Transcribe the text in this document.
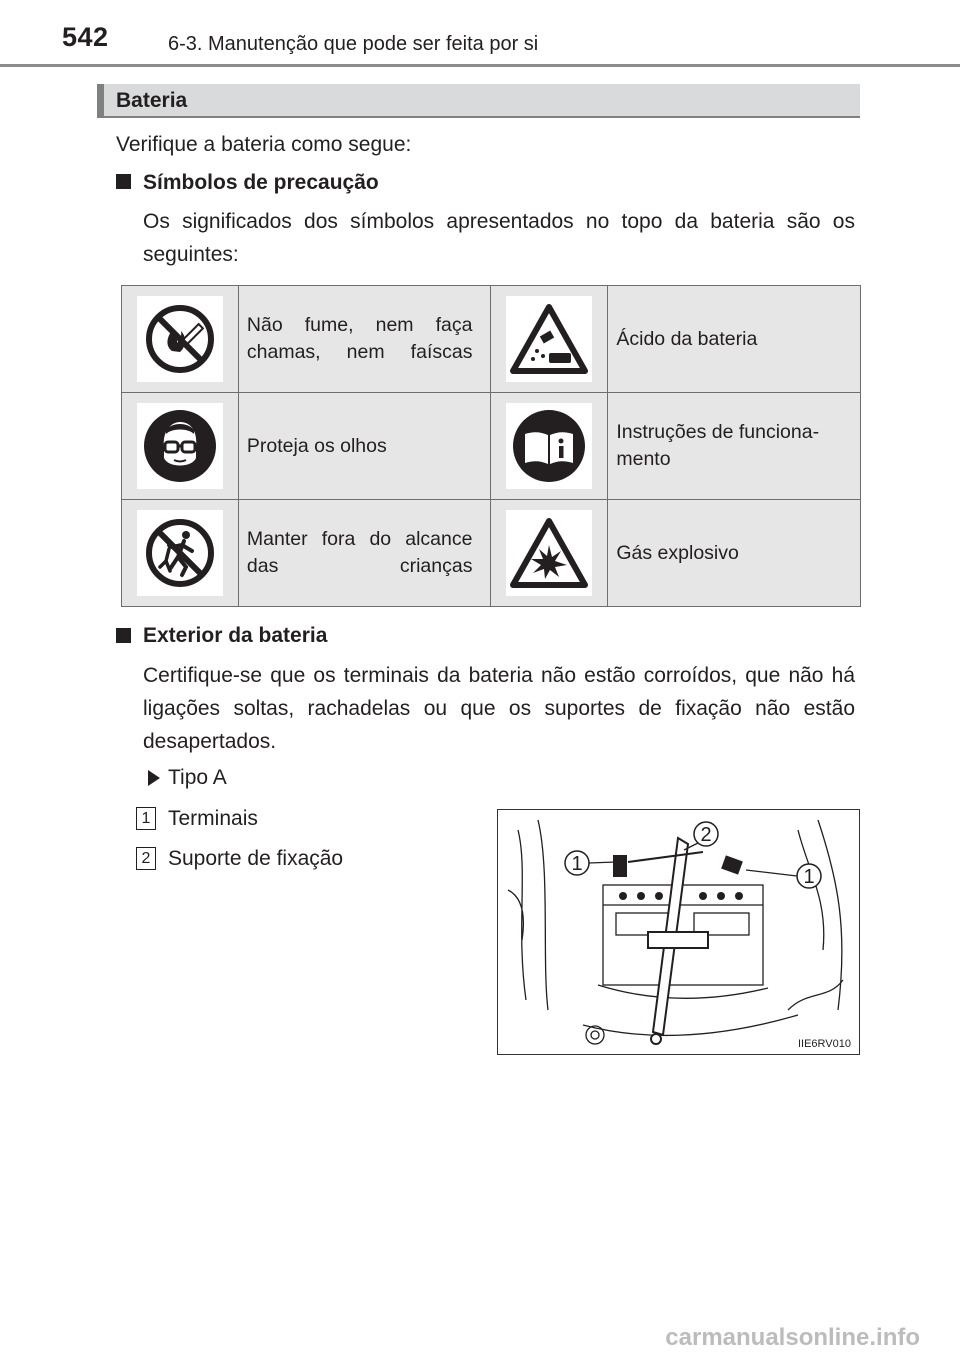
542	6-3. Manutenção que pode ser feita por si
Bateria
Verifique a bateria como segue:
Símbolos de precaução
Os significados dos símbolos apresentados no topo da bateria são os seguintes:
	Não fume, nem faça chamas, nem faíscas		Ácido da bateria

	Proteja os olhos		Instruções de funciona-mento

	Manter fora do alcance das crianças		Gás explosivo
Exterior da bateria
Certifique-se que os terminais da bateria não estão corroídos, que não há ligações soltas, rachadelas ou que os suportes de fixação não estão desapertados.
Tipo A
1 Terminais
2 Suporte de fixação	1
2
1
IIE6RV010
carmanualsonline.info
